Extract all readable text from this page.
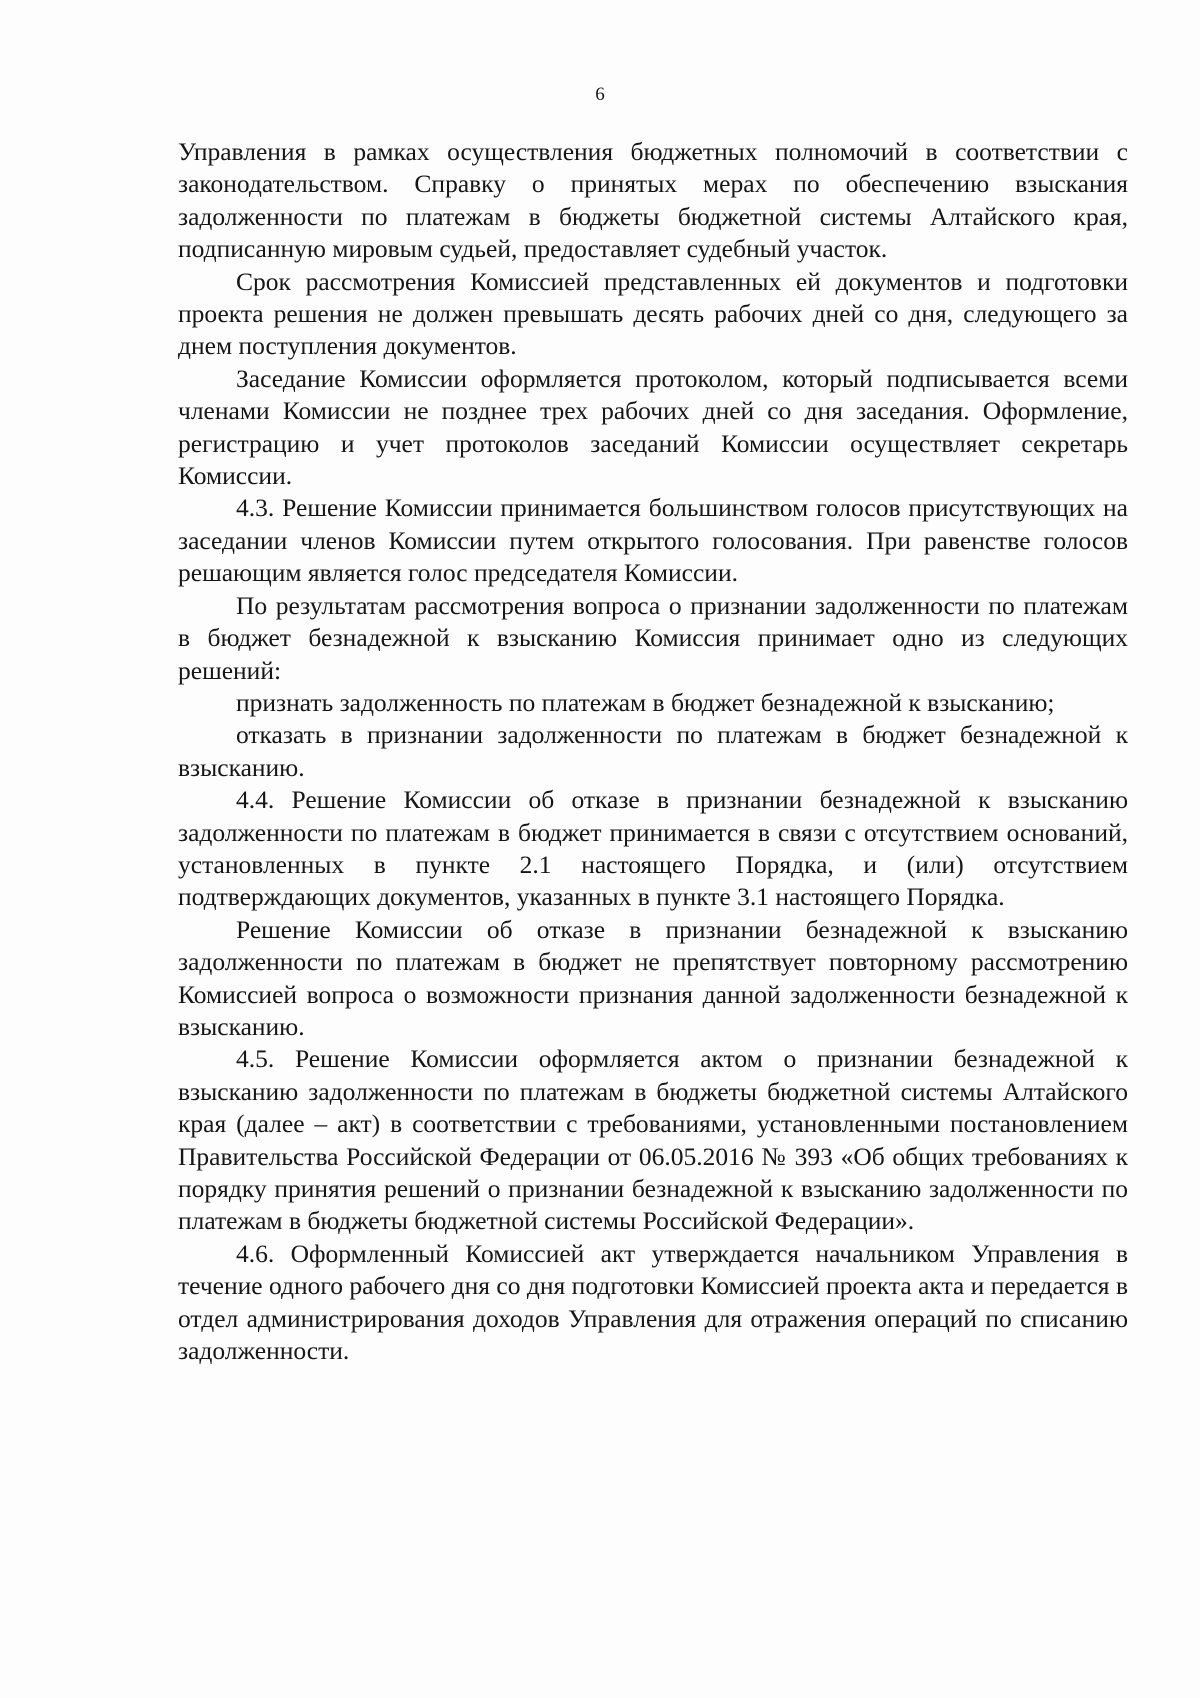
6

Управления в рамках осуществления бюджетных полномочий в соответствии с законодательством. Справку о принятых мерах по обеспечению взыскания задолженности по платежам в бюджеты бюджетной системы Алтайского края, подписанную мировым судьей, предоставляет судебный участок.

Срок рассмотрения Комиссией представленных ей документов и подготовки проекта решения не должен превышать десять рабочих дней со дня, следующего за днем поступления документов.

Заседание Комиссии оформляется протоколом, который подписывается всеми членами Комиссии не позднее трех рабочих дней со дня заседания. Оформление, регистрацию и учет протоколов заседаний Комиссии осуществляет секретарь Комиссии.

4.3. Решение Комиссии принимается большинством голосов присутствующих на заседании членов Комиссии путем открытого голосования. При равенстве голосов решающим является голос председателя Комиссии.

По результатам рассмотрения вопроса о признании задолженности по платежам в бюджет безнадежной к взысканию Комиссия принимает одно из следующих решений:

признать задолженность по платежам в бюджет безнадежной к взысканию;

отказать в признании задолженности по платежам в бюджет безнадежной к взысканию.

4.4. Решение Комиссии об отказе в признании безнадежной к взысканию задолженности по платежам в бюджет принимается в связи с отсутствием оснований, установленных в пункте 2.1 настоящего Порядка, и (или) отсутствием подтверждающих документов, указанных в пункте 3.1 настоящего Порядка.

Решение Комиссии об отказе в признании безнадежной к взысканию задолженности по платежам в бюджет не препятствует повторному рассмотрению Комиссией вопроса о возможности признания данной задолженности безнадежной к взысканию.

4.5. Решение Комиссии оформляется актом о признании безнадежной к взысканию задолженности по платежам в бюджеты бюджетной системы Алтайского края (далее – акт) в соответствии с требованиями, установленными постановлением Правительства Российской Федерации от 06.05.2016 № 393 «Об общих требованиях к порядку принятия решений о признании безнадежной к взысканию задолженности по платежам в бюджеты бюджетной системы Российской Федерации».

4.6. Оформленный Комиссией акт утверждается начальником Управления в течение одного рабочего дня со дня подготовки Комиссией проекта акта и передается в отдел администрирования доходов Управления для отражения операций по списанию задолженности.
